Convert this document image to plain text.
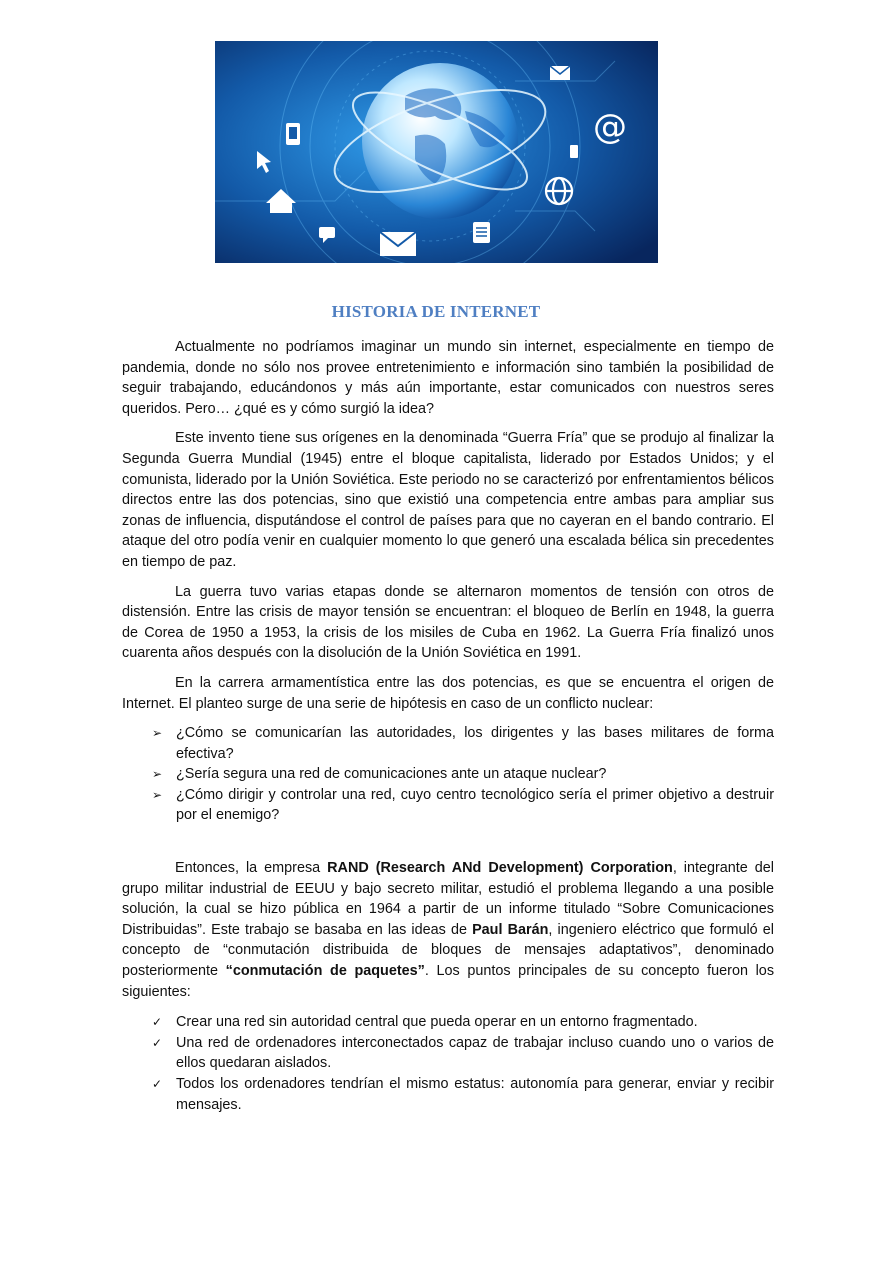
@
HISTORIA DE INTERNET

Actualmente no podríamos imaginar un mundo sin internet, especialmente en tiempo de pandemia, donde no sólo nos provee entretenimiento e información sino también la posibilidad de seguir trabajando, educándonos y más aún importante, estar comunicados con nuestros seres queridos. Pero… ¿qué es y cómo surgió la idea?

Este invento tiene sus orígenes en la denominada “Guerra Fría” que se produjo al finalizar la Segunda Guerra Mundial (1945) entre el bloque capitalista, liderado por Estados Unidos; y el comunista, liderado por la Unión Soviética. Este periodo no se caracterizó por enfrentamientos bélicos directos entre las dos potencias, sino que existió una competencia entre ambas para ampliar sus zonas de influencia, disputándose el control de países para que no cayeran en el bando contrario. El ataque del otro podía venir en cualquier momento lo que generó una escalada bélica sin precedentes en tiempo de paz.

La guerra tuvo varias etapas donde se alternaron momentos de tensión con otros de distensión. Entre las crisis de mayor tensión se encuentran: el bloqueo de Berlín en 1948, la guerra de Corea de 1950 a 1953, la crisis de los misiles de Cuba en 1962. La Guerra Fría finalizó unos cuarenta años después con la disolución de la Unión Soviética en 1991.

En la carrera armamentística entre las dos potencias, es que se encuentra el origen de Internet. El planteo surge de una serie de hipótesis en caso de un conflicto nuclear:

➢ ¿Cómo se comunicarían las autoridades, los dirigentes y las bases militares de forma efectiva?
➢ ¿Sería segura una red de comunicaciones ante un ataque nuclear?
➢ ¿Cómo dirigir y controlar una red, cuyo centro tecnológico sería el primer objetivo a destruir por el enemigo?

Entonces, la empresa RAND (Research ANd Development) Corporation, integrante del grupo militar industrial de EEUU y bajo secreto militar, estudió el problema llegando a una posible solución, la cual se hizo pública en 1964 a partir de un informe titulado “Sobre Comunicaciones Distribuidas”. Este trabajo se basaba en las ideas de Paul Barán, ingeniero eléctrico que formuló el concepto de “conmutación distribuida de bloques de mensajes adaptativos”, denominado posteriormente “conmutación de paquetes”. Los puntos principales de su concepto fueron los siguientes:

✓ Crear una red sin autoridad central que pueda operar en un entorno fragmentado.
✓ Una red de ordenadores interconectados capaz de trabajar incluso cuando uno o varios de ellos quedaran aislados.
✓ Todos los ordenadores tendrían el mismo estatus: autonomía para generar, enviar y recibir mensajes.
